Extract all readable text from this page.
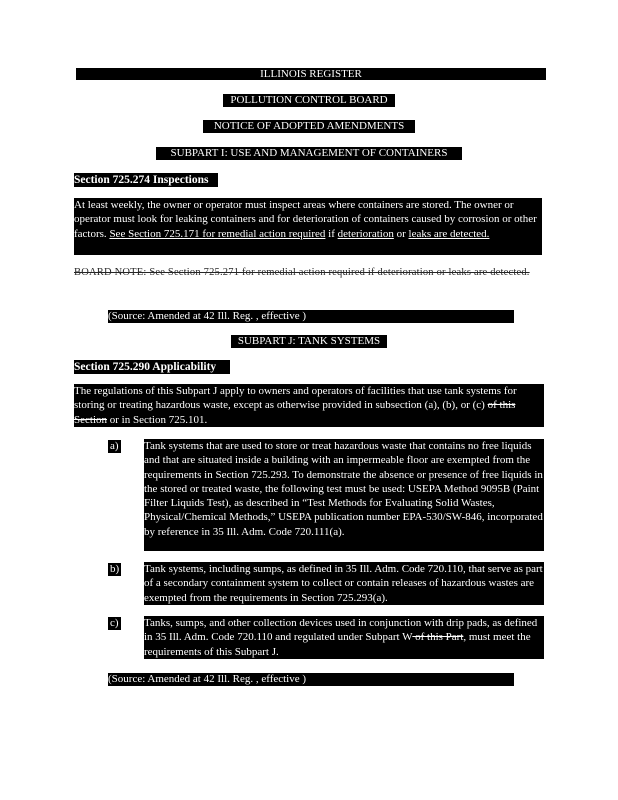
ILLINOIS REGISTER
POLLUTION CONTROL BOARD
NOTICE OF ADOPTED AMENDMENTS
SUBPART I: USE AND MANAGEMENT OF CONTAINERS
Section 725.274 Inspections
At least weekly, the owner or operator must inspect areas where containers are stored. The owner or operator must look for leaking containers and for deterioration of containers caused by corrosion or other factors. See Section 725.171 for remedial action required if deterioration or leaks are detected.
BOARD NOTE: See Section 725.271 for remedial action required if deterioration or leaks are detected.
(Source: Amended at 42 Ill. Reg. , effective )
SUBPART J: TANK SYSTEMS
Section 725.290 Applicability
The regulations of this Subpart J apply to owners and operators of facilities that use tank systems for storing or treating hazardous waste, except as otherwise provided in subsection (a), (b), or (c) of this Section or in Section 725.101.
a) Tank systems that are used to store or treat hazardous waste that contains no free liquids and that are situated inside a building with an impermeable floor are exempted from the requirements in Section 725.293. To demonstrate the absence or presence of free liquids in the stored or treated waste, the following test must be used: USEPA Method 9095B (Paint Filter Liquids Test), as described in “Test Methods for Evaluating Solid Wastes, Physical/Chemical Methods,” USEPA publication number EPA-530/SW-846, incorporated by reference in 35 Ill. Adm. Code 720.111(a).
b) Tank systems, including sumps, as defined in 35 Ill. Adm. Code 720.110, that serve as part of a secondary containment system to collect or contain releases of hazardous wastes are exempted from the requirements in Section 725.293(a).
c) Tanks, sumps, and other collection devices used in conjunction with drip pads, as defined in 35 Ill. Adm. Code 720.110 and regulated under Subpart W of this Part, must meet the requirements of this Subpart J.
(Source: Amended at 42 Ill. Reg. , effective )
